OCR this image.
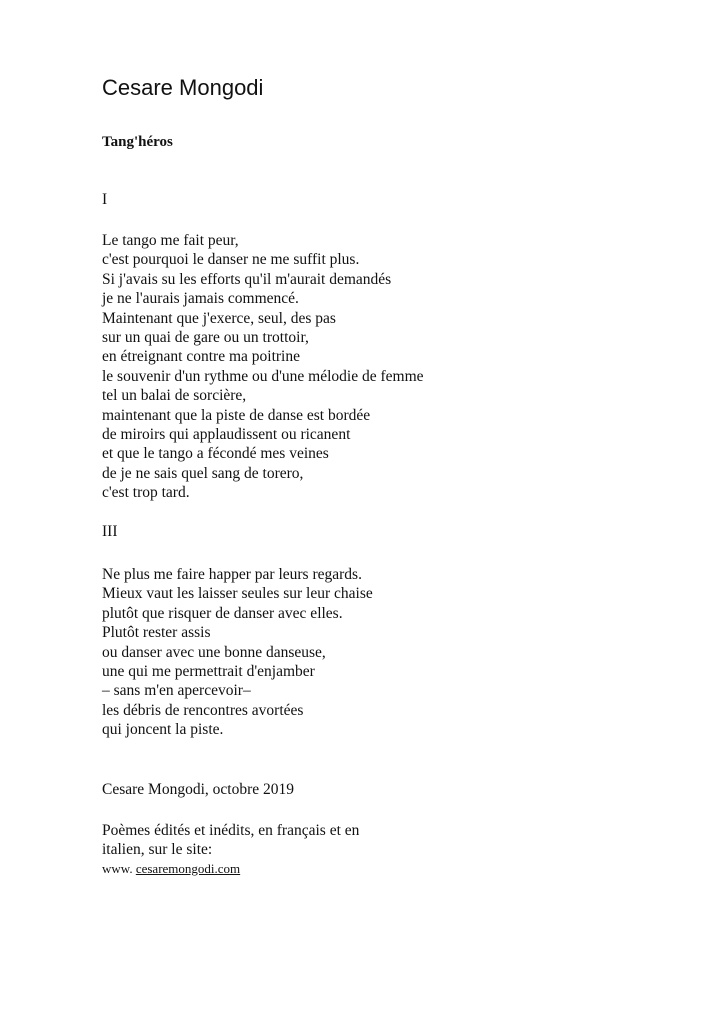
Cesare Mongodi
Tang'héros

I

Le tango me fait peur,
c'est pourquoi le danser ne me suffit plus.
Si j'avais su les efforts qu'il m'aurait demandés
je ne l'aurais jamais commencé.
Maintenant que j'exerce, seul, des pas
sur un quai de gare ou un trottoir,
en étreignant contre ma poitrine
le souvenir d'un rythme ou d'une mélodie de femme
tel un balai de sorcière,
maintenant que la piste de danse est bordée
de miroirs qui applaudissent ou ricanent
et que le tango a fécondé mes veines
de je ne sais quel sang de torero,
c'est trop tard.

III

Ne plus me faire happer par leurs regards.
Mieux vaut les laisser seules sur leur chaise
plutôt que risquer de danser avec elles.
Plutôt rester assis
ou danser avec une bonne danseuse,
une qui me permettrait d'enjamber
– sans m'en apercevoir–
les débris de rencontres avortées
qui joncent la piste.

Cesare Mongodi, octobre 2019

Poèmes édités et inédits, en français et en italien, sur le site:

www. cesaremongodi.com
